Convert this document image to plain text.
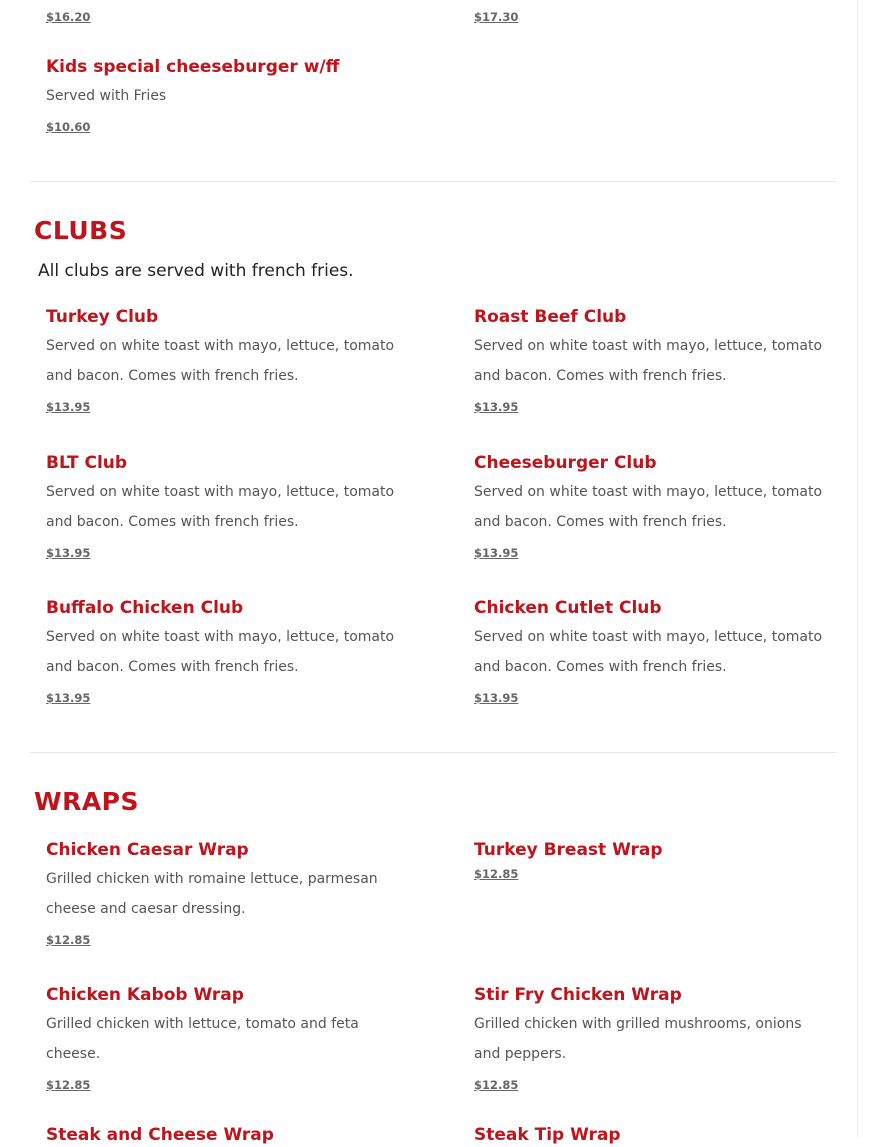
$16.20	$17.30
Kids special cheeseburger w/ff

Served with Fries

$10.60
CLUBS

All clubs are served with french fries.

Turkey Club

Served on white toast with mayo, lettuce, tomato and bacon. Comes with french fries.

$13.95
Roast Beef Club

Served on white toast with mayo, lettuce, tomato and bacon. Comes with french fries.

$13.95
BLT Club

Served on white toast with mayo, lettuce, tomato and bacon. Comes with french fries.

$13.95
Cheeseburger Club

Served on white toast with mayo, lettuce, tomato and bacon. Comes with french fries.

$13.95
Buffalo Chicken Club

Served on white toast with mayo, lettuce, tomato and bacon. Comes with french fries.

$13.95
Chicken Cutlet Club

Served on white toast with mayo, lettuce, tomato and bacon. Comes with french fries.

$13.95
WRAPS
Chicken Caesar Wrap

Grilled chicken with romaine lettuce, parmesan cheese and caesar dressing.

$12.85
Turkey Breast Wrap
$12.85
Chicken Kabob Wrap

Grilled chicken with lettuce, tomato and feta cheese.

$12.85
Stir Fry Chicken Wrap

Grilled chicken with grilled mushrooms, onions and peppers.

$12.85
Steak and Cheese Wrap	Steak Tip Wrap
